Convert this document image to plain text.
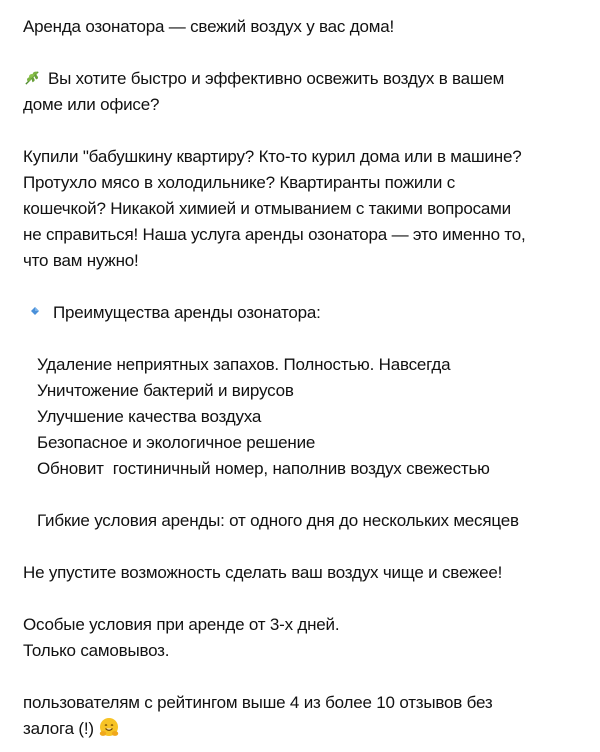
Аренда озонатора — свежий воздух у вас дома!
Вы хотите быстро и эффективно освежить воздух в вашем
доме или офисе?
Купили "бабушкину квартиру? Кто-то курил дома или в машине?
Протухло мясо в холодильнике? Квартиранты пожили с
кошечкой? Никакой химией и отмыванием с такими вопросами
не справиться! Наша услуга аренды озонатора — это именно то,
что вам нужно!
Преимущества аренды озонатора:
Удаление неприятных запахов. Полностью. Навсегда
Уничтожение бактерий и вирусов
Улучшение качества воздуха
Безопасное и экологичное решение
Обновит  гостиничный номер, наполнив воздух свежестью
Гибкие условия аренды: от одного дня до нескольких месяцев
Не упустите возможность сделать ваш воздух чище и свежее!
Особые условия при аренде от 3-х дней.
Только самовывоз.
пользователям с рейтингом выше 4 из более 10 отзывов без
залога (!)
